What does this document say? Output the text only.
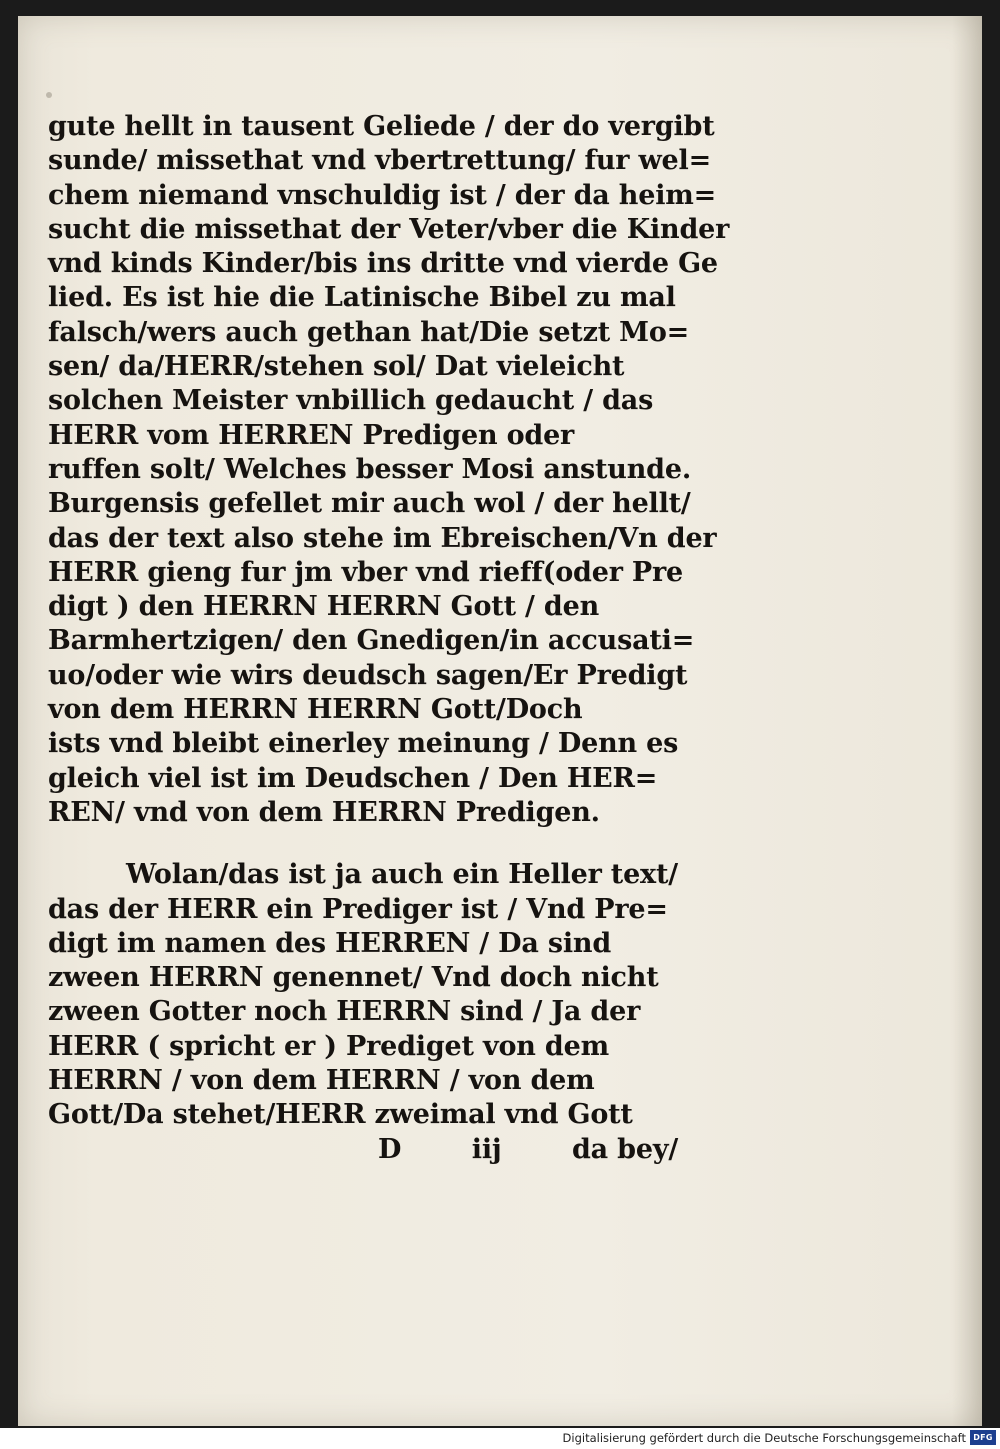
gute hellt in tausent Geliede / der do vergibt
sunde/ missethat vnd vbertrettung/ fur wel=
chem niemand vnschuldig ist / der da heim=
sucht die missethat der Veter/vber die Kinder
vnd kinds Kinder/bis ins dritte vnd vierde Ge
lied. Es ist hie die Latinische Bibel zu mal
falsch/wers auch gethan hat/Die setzt Mo=
sen/ da/HERR/stehen sol/ Dat vieleicht
solchen Meister vnbillich gedaucht / das
HERR vom HERREN Predigen oder
ruffen solt/ Welches besser Mosi anstunde.
Burgensis gefellet mir auch wol / der hellt/
das der text also stehe im Ebreischen/Vn der
HERR gieng fur jm vber vnd rieff(oder Pre
digt ) den HERRN HERRN Gott / den
Barmhertzigen/ den Gnedigen/in accusati=
uo/oder wie wirs deudsch sagen/Er Predigt
von dem HERRN HERRN Gott/Doch
ists vnd bleibt einerley meinung / Denn es
gleich viel ist im Deudschen / Den HER=
REN/ vnd von dem HERRN Predigen.
Wolan/das ist ja auch ein Heller text/
das der HERR ein Prediger ist / Vnd Pre=
digt im namen des HERREN / Da sind
zween HERRN genennet/ Vnd doch nicht
zween Gotter noch HERRN sind / Ja der
HERR ( spricht er ) Prediget von dem
HERRN / von dem HERRN / von dem
Gott/Da stehet/HERR zweimal vnd Gott
D	iij	da bey/
Digitalisierung gefördert durch die Deutsche Forschungsgemeinschaft DFG
